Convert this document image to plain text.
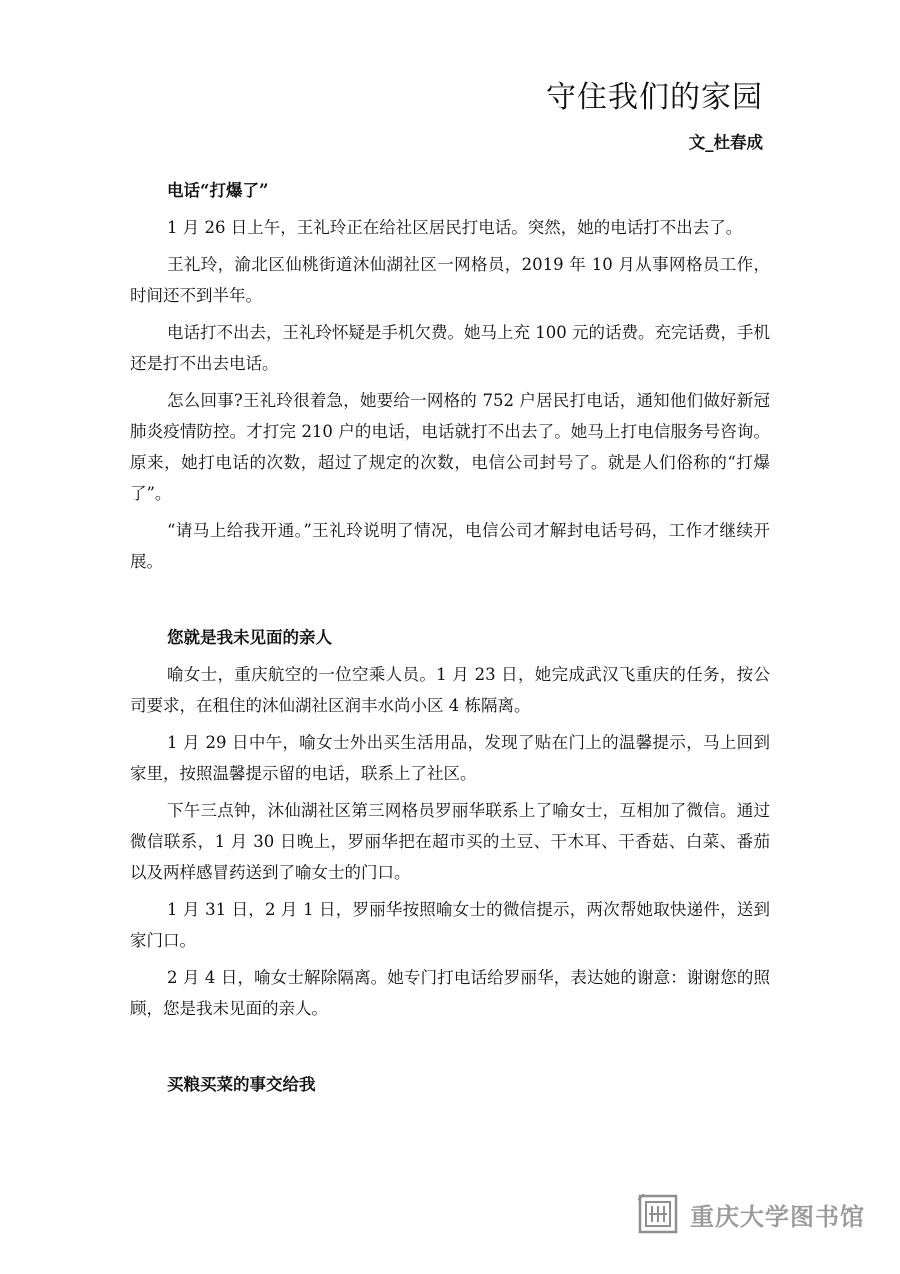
守住我们的家园
文_杜春成
电话“打爆了”

1 月 26 日上午，王礼玲正在给社区居民打电话。突然，她的电话打不出去了。

王礼玲，渝北区仙桃街道沐仙湖社区一网格员，2019 年 10 月从事网格员工作，时间还不到半年。

电话打不出去，王礼玲怀疑是手机欠费。她马上充 100 元的话费。充完话费，手机还是打不出去电话。

怎么回事?王礼玲很着急，她要给一网格的 752 户居民打电话，通知他们做好新冠肺炎疫情防控。才打完 210 户的电话，电话就打不出去了。她马上打电信服务号咨询。原来，她打电话的次数，超过了规定的次数，电信公司封号了。就是人们俗称的“打爆了”。

“请马上给我开通。”王礼玲说明了情况，电信公司才解封电话号码，工作才继续开展。

您就是我未见面的亲人

喻女士，重庆航空的一位空乘人员。1 月 23 日，她完成武汉飞重庆的任务，按公司要求，在租住的沐仙湖社区润丰水尚小区 4 栋隔离。

1 月 29 日中午，喻女士外出买生活用品，发现了贴在门上的温馨提示，马上回到家里，按照温馨提示留的电话，联系上了社区。

下午三点钟，沐仙湖社区第三网格员罗丽华联系上了喻女士，互相加了微信。通过微信联系，1 月 30 日晚上，罗丽华把在超市买的土豆、干木耳、干香菇、白菜、番茄以及两样感冒药送到了喻女士的门口。

1 月 31 日，2 月 1 日，罗丽华按照喻女士的微信提示，两次帮她取快递件，送到家门口。

2 月 4 日，喻女士解除隔离。她专门打电话给罗丽华，表达她的谢意：谢谢您的照顾，您是我未见面的亲人。

买粮买菜的事交给我
重庆大学图书馆
